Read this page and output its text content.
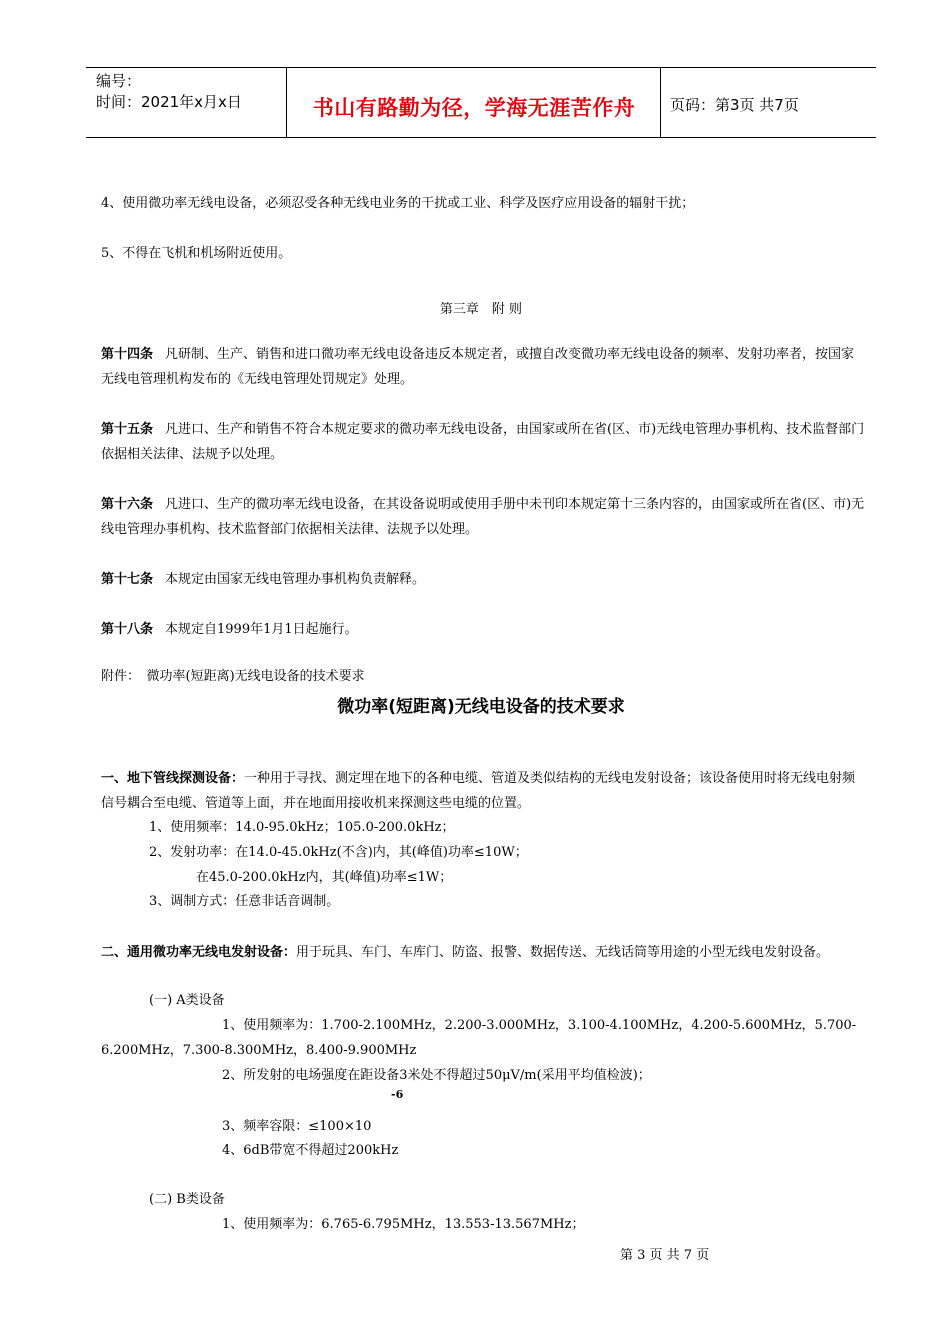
编号：
时间：2021年x月x日	书山有路勤为径，学海无涯苦作舟	页码：第3页 共7页
4、使用微功率无线电设备，必须忍受各种无线电业务的干扰或工业、科学及医疗应用设备的辐射干扰；
5、不得在飞机和机场附近使用。
第三章　附 则
第十四条 凡研制、生产、销售和进口微功率无线电设备违反本规定者，或擅自改变微功率无线电设备的频率、发射功率者，按国家无线电管理机构发布的《无线电管理处罚规定》处理。
第十五条 凡进口、生产和销售不符合本规定要求的微功率无线电设备，由国家或所在省(区、市)无线电管理办事机构、技术监督部门依据相关法律、法规予以处理。
第十六条 凡进口、生产的微功率无线电设备，在其设备说明或使用手册中未刊印本规定第十三条内容的，由国家或所在省(区、市)无线电管理办事机构、技术监督部门依据相关法律、法规予以处理。
第十七条 本规定由国家无线电管理办事机构负责解释。
第十八条 本规定自1999年1月1日起施行。
附件：　微功率(短距离)无线电设备的技术要求
微功率(短距离)无线电设备的技术要求
一、地下管线探测设备：一种用于寻找、测定埋在地下的各种电缆、管道及类似结构的无线电发射设备；该设备使用时将无线电射频信号耦合至电缆、管道等上面，并在地面用接收机来探测这些电缆的位置。
1、使用频率：14.0-95.0kHz；105.0-200.0kHz；
2、发射功率：在14.0-45.0kHz(不含)内，其(峰值)功率≤10W；
在45.0-200.0kHz内，其(峰值)功率≤1W；
3、调制方式：任意非话音调制。
二、通用微功率无线电发射设备：用于玩具、车门、车库门、防盗、报警、数据传送、无线话筒等用途的小型无线电发射设备。
(一) A类设备
1、使用频率为：1.700-2.100MHz，2.200-3.000MHz，3.100-4.100MHz，4.200-5.600MHz，5.700-
6.200MHz，7.300-8.300MHz，8.400-9.900MHz
2、所发射的电场强度在距设备3米处不得超过50μV/m(采用平均值检波)；
-6
3、频率容限：≤100×10
4、6dB带宽不得超过200kHz
(二) B类设备
1、使用频率为：6.765-6.795MHz，13.553-13.567MHz；
第 3 页 共 7 页
